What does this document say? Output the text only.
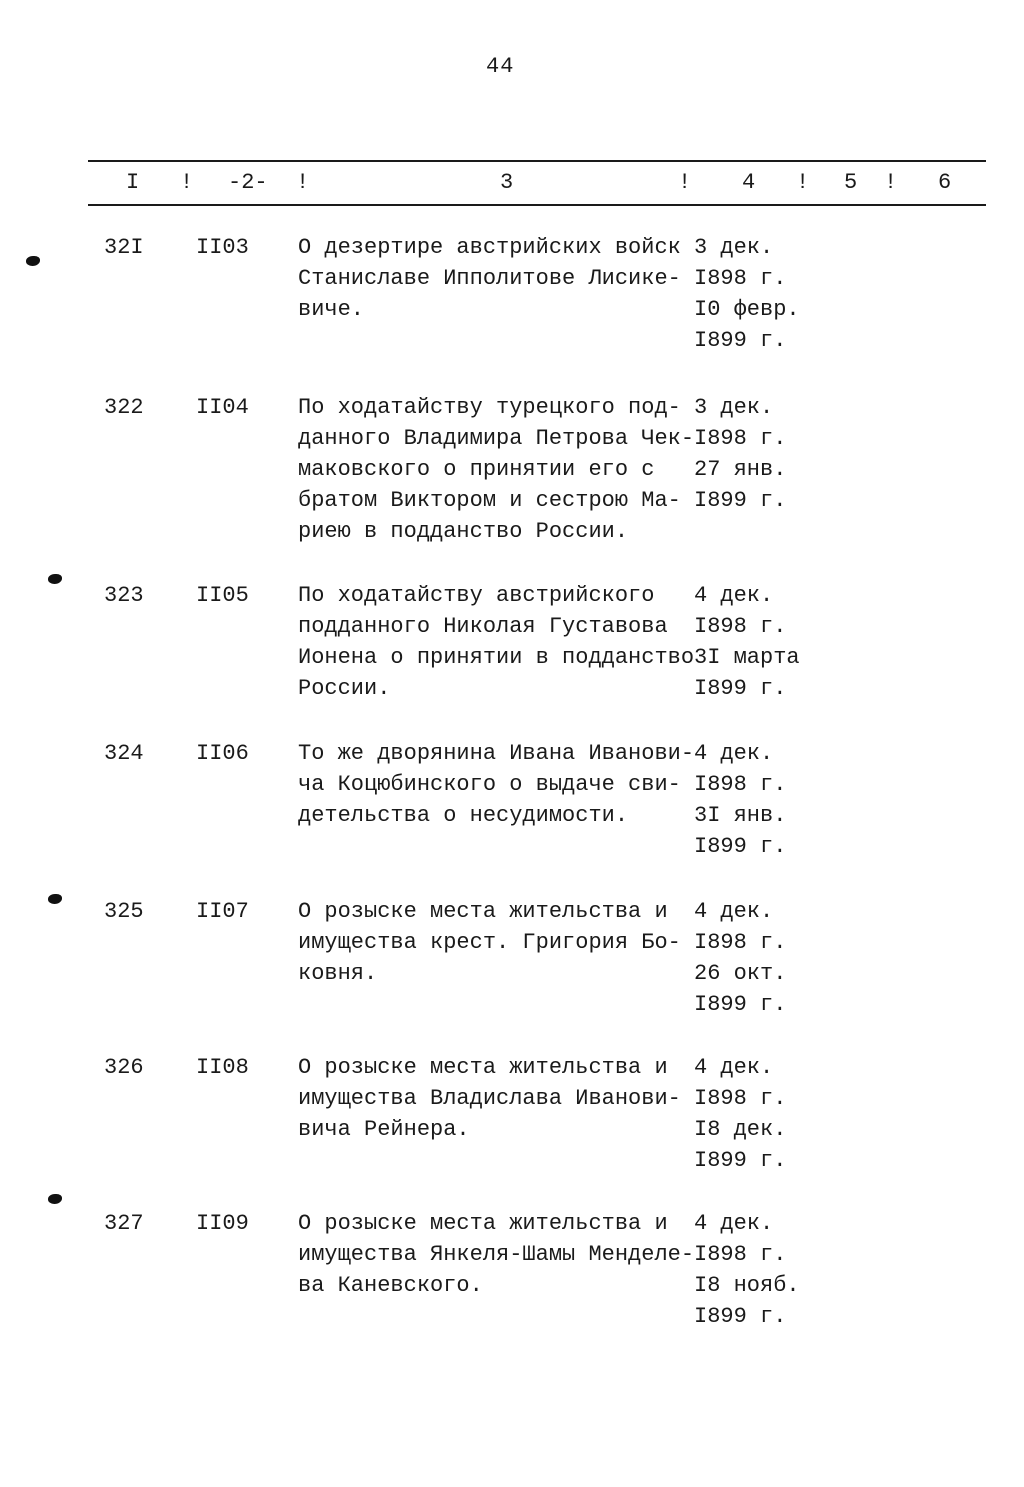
44
I ! -2- !	3	! 4 ! 5 ! 6
32I II03 О дезертире австрийских войск
Станиславе Ипполитове Лисике-
виче.
3 дек.
I898 г.
I0 февр.
I899 г.
322 II04 По ходатайству турецкого под-
данного Владимира Петрова Чек-
маковского о принятии его с
братом Виктором и сестрою Ма-
риею в подданство России.
3 дек.
I898 г.
27 янв.
I899 г.
323 II05 По ходатайству австрийского
подданного Николая Густавова
Ионена о принятии в подданство
России.
4 дек.
I898 г.
3I марта
I899 г.
324 II06 То же дворянина Ивана Иванови-
ча Коцюбинского о выдаче сви-
детельства о несудимости.
4 дек.
I898 г.
3I янв.
I899 г.
325 II07 О розыске места жительства и
имущества крест. Григория Бо-
ковня.
4 дек.
I898 г.
26 окт.
I899 г.
326 II08 О розыске места жительства и
имущества Владислава Иванови-
вича Рейнера.
4 дек.
I898 г.
I8 дек.
I899 г.
327 II09 О розыске места жительства и
имущества Янкеля-Шамы Менделе-
ва Каневского.
4 дек.
I898 г.
I8 нояб.
I899 г.
